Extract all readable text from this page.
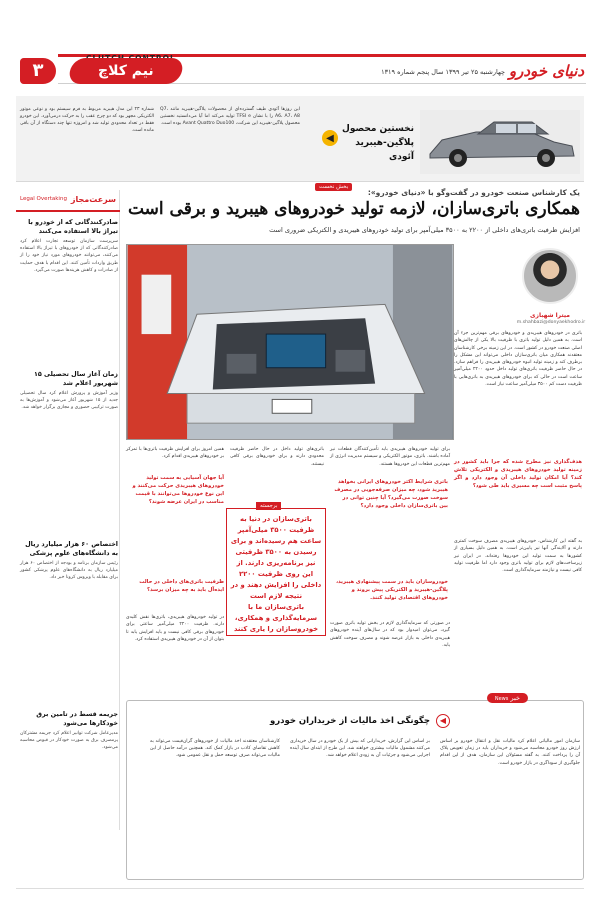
دنیای خودرو
چهارشنبه ۲۵ تیر ۱۳۹۹ سال پنجم شماره ۱۳۱۹
نیم کلاچ
۳
◀
نخستین محصول پلاگین-هیبرید آئودی
این روزها آئودی طیف گسترده‌ای از محصولات پلاگین-هیبرید مانند Q7، A6، A7، A8 را با نشان TFSI e تولید می‌کند اما آیا می‌دانستید نخستین محصول پلاگین-هیبرید این شرکت، Avant Quattro Duo100 بوده است.
شماره ۲۳ این مدل هیبرید مربوط به فرم سیستم بود و نوعی موتور الکتریکی مجهز بود که دو چرخ عقب را به حرکت درمی‌آورد. این خودرو فقط در تعداد محدودی تولید شد و امروزه تنها چند دستگاه از آن باقی مانده است.
بخش نخست
یک کارشناس صنعت خودرو در گفت‌وگو با «دنیای خودرو»:
همکاری باتری‌سازان، لازمه تولید خودروهای هیبرید و برقی است
افزایش ظرفیت باتری‌های داخلی از ۲۲۰۰ به ۳۵۰۰ میلی‌آمپر برای تولید خودروهای هیبریدی و الکتریکی ضروری است
سرعت‌مجاز
Legal Overtaking
صادرکنندگانی که از خودرو با تیراژ بالا استفاده می‌کنند
سرپرست سازمان توسعه تجارت اعلام کرد صادرکنندگانی که از خودروهای با تیراژ بالا استفاده می‌کنند، می‌توانند خودروهای مورد نیاز خود را از طریق واردات تأمین کنند. این اقدام با هدف حمایت از صادرات و کاهش هزینه‌ها صورت می‌گیرد.
زمان آغاز سال تحصیلی ۱۵ شهریور اعلام شد
وزیر آموزش و پرورش اعلام کرد سال تحصیلی جدید از ۱۵ شهریور آغاز می‌شود و آموزش‌ها به صورت ترکیبی حضوری و مجازی برگزار خواهد شد.
اختصاص ۶۰ هزار میلیارد ریال به دانشگاه‌های علوم پزشکی
رئیس سازمان برنامه و بودجه از اختصاص ۶۰ هزار میلیارد ریال به دانشگاه‌های علوم پزشکی کشور برای مقابله با ویروس کرونا خبر داد.
جریمه قسط در تامین برق خودکارها می‌شود
مدیرعامل شرکت توانیر اعلام کرد جریمه مشترکان پرمصرف برق به صورت خودکار در قبوض محاسبه می‌شود.
میترا شهبازی
m.shahbazi@donyaekhodro.ir
باتری در خودروهای هیبریدی و خودروهای برقی مهم‌ترین جزء آن است. به همین دلیل تولید باتری با ظرفیت بالا یکی از چالش‌های اصلی صنعت خودرو در کشور است. در این زمینه برخی کارشناسان معتقدند همکاری میان باتری‌سازان داخلی می‌تواند این مشکل را برطرف کند و زمینه تولید انبوه خودروهای هیبریدی را فراهم سازد. در حال حاضر ظرفیت باتری‌های تولید داخل حدود ۲۲۰۰ میلی‌آمپر ساعت است در حالی که برای خودروهای هیبریدی به باتری‌هایی با ظرفیت دست کم ۳۵۰۰ میلی‌آمپر ساعت نیاز است.
هدف‌گذاری نیز مطرح شده که جرا باید کشور در زمینه تولید خودروهای هیبریدی و الکتریکی تلاش کند؟ آیا امکان تولید داخلی آن وجود دارد و اگر پاسخ مثبت است چه مسیری باید طی شود؟
به گفته این کارشناس، خودروهای هیبریدی مصرف سوخت کمتری دارند و آلایندگی آنها نیز پایین‌تر است. به همین دلیل بسیاری از کشورها به سمت تولید این خودروها رفته‌اند. در ایران نیز زیرساخت‌های لازم برای تولید باتری وجود دارد اما ظرفیت تولید کافی نیست و نیازمند سرمایه‌گذاری است.
برای تولید خودروهای هیبریدی باید تأمین‌کنندگان قطعات نیز آماده باشند. باتری، موتور الکتریکی و سیستم مدیریت انرژی از مهم‌ترین قطعات این خودروها هستند.
باتری شرایط اکثر خودروهای ایرانی بخواهد هیبرید شود، چه میزان صرفه‌جویی در مصرف سوخت صورت می‌گیرد؟ آیا چنین توانی در بین باتری‌سازان داخلی وجود دارد؟
خودروسازان باید در سمت پیشنهادی هیبرید، پلاگین-هیبرید و الکتریکی پیش بروند و خودروهای اقتصادی تولید کنند.
در صورتی که سرمایه‌گذاری لازم در بخش تولید باتری صورت گیرد، می‌توان امیدوار بود که در سال‌های آینده خودروهای هیبریدی داخلی به بازار عرضه شوند و مصرف سوخت کاهش یابد.
باتری‌های تولید داخل در حال حاضر ظرفیت محدودی دارند و برای خودروهای برقی کافی نیستند.
برجسته
باتری‌سازان در دنیا به ظرفیت ۳۵۰۰ میلی‌آمپر ساعت هم رسیده‌اند و برای رسیدن به ۳۵۰۰ ظرفیتی نیز برنامه‌ریزی دارند. از این روی ظرفیت ۲۲۰۰ داخلی را افزایش دهند و در نتیجه لازم است باتری‌سازان ما با سرمایه‌گذاری و همکاری، خودروسازان را یاری کنند
همین امروز برای افزایش ظرفیت باتری‌ها با تمرکز بر خودروهای هیبریدی اقدام کرد.
آیا جهان آسیایی به سمت تولید خودروهای هیبریدی حرکت می‌کنند و این نوع خودروها می‌توانند با قیمت مناسب در ایران عرضه شوند؟
ظرفیت باتری‌های داخلی در حالت ایده‌آل باید به چه میزان برسد؟
در تولید خودروهای هیبریدی، باتری‌ها نقش کلیدی دارند. ظرفیت ۲۲۰۰ میلی‌آمپر ساعتی برای خودروهای برقی کافی نیست و باید افزایش یابد تا بتوان از آن در خودروهای هیبریدی استفاده کرد.
خبر News
چگونگی اخذ مالیات از خریداران خودرو	◀
سازمان امور مالیاتی اعلام کرد مالیات نقل و انتقال خودرو بر اساس ارزش روز خودرو محاسبه می‌شود و خریداران باید در زمان تعویض پلاک آن را پرداخت کنند. به گفته مسئولان این سازمان، هدف از این اقدام جلوگیری از سوداگری در بازار خودرو است.
بر اساس این گزارش، خریدارانی که بیش از یک خودرو در سال خریداری می‌کنند مشمول مالیات بیشتری خواهند شد. این طرح از ابتدای سال آینده اجرایی می‌شود و جزئیات آن به زودی اعلام خواهد شد.
کارشناسان معتقدند اخذ مالیات از خودروهای گران‌قیمت می‌تواند به کاهش تقاضای کاذب در بازار کمک کند. همچنین درآمد حاصل از این مالیات می‌تواند صرف توسعه حمل و نقل عمومی شود.
